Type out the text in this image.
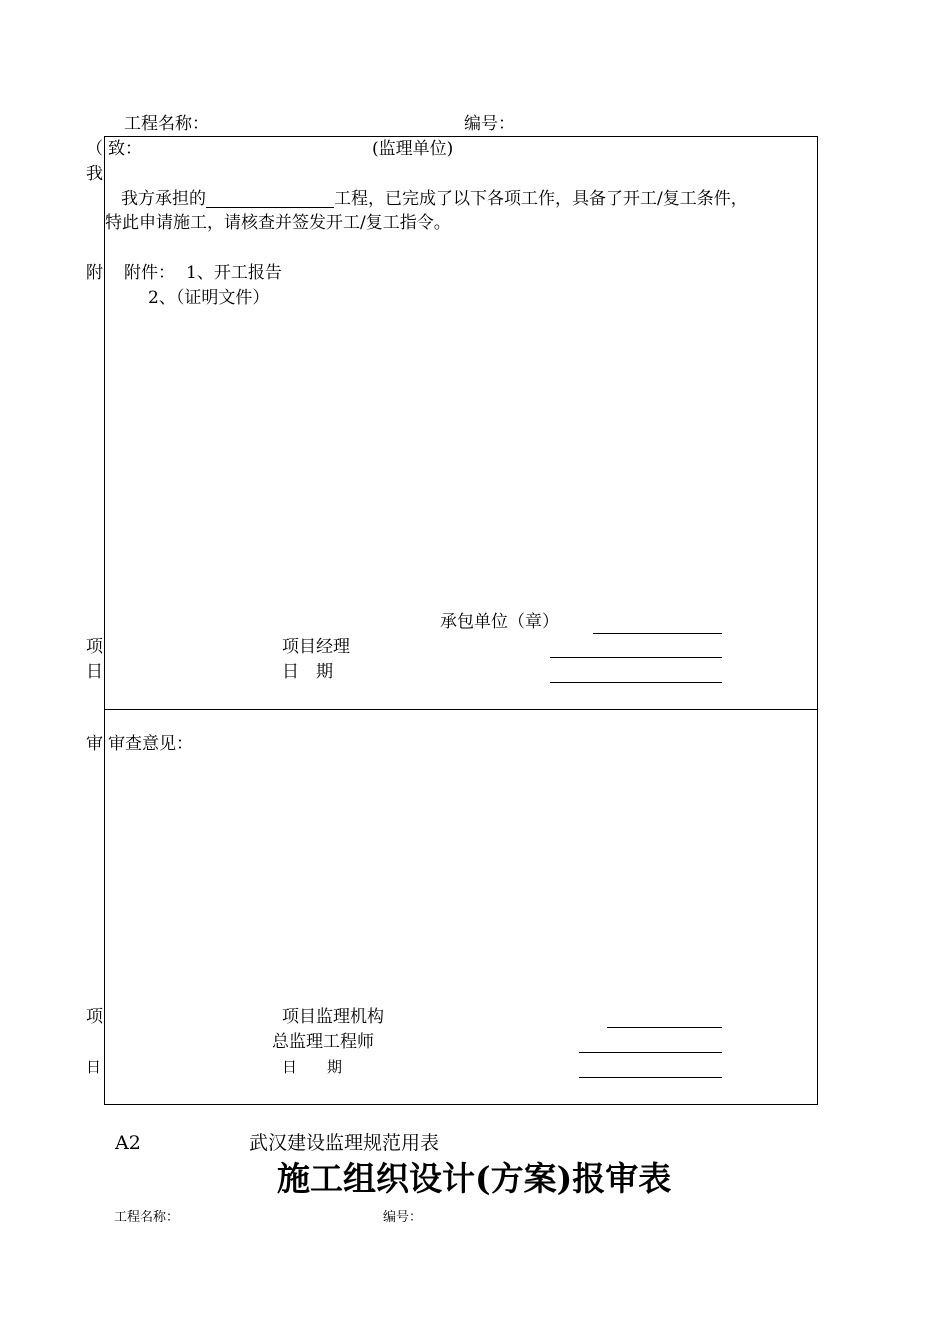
工程名称：	编号：
（
我
附
项
日
审
项
日
致：	(监理单位)
我方承担的	工程，已完成了以下各项工作，具备了开工/复工条件，
特此申请施工，请核查并签发开工/复工指令。
附件： 1、开工报告
2、（证明文件）
承包单位（章）
项目经理
日　期
审查意见：
项目监理机构
总监理工程师
日　　期
A2	武汉建设监理规范用表
施工组织设计(方案)报审表
工程名称：	编号：
